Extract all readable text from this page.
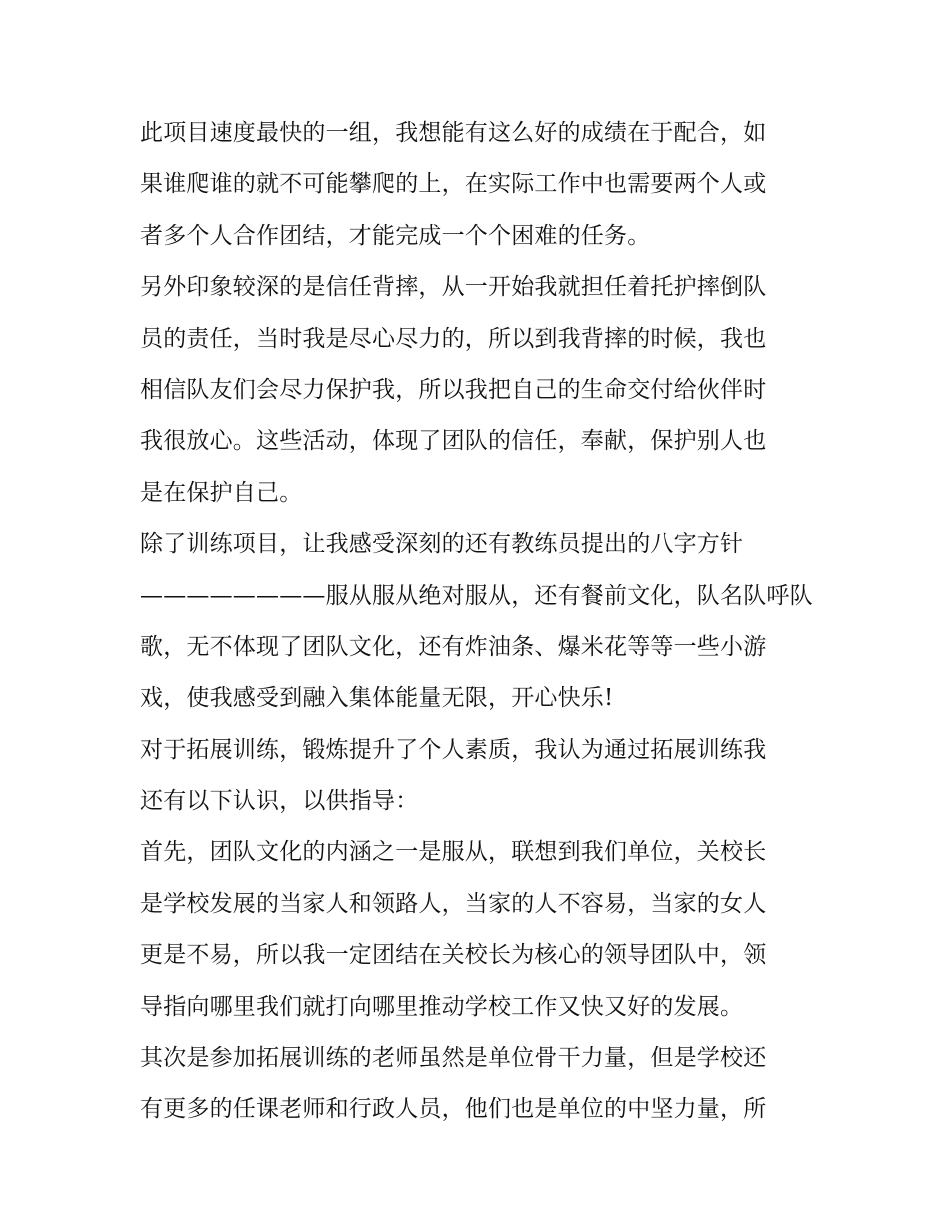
此项目速度最快的一组，我想能有这么好的成绩在于配合，如
果谁爬谁的就不可能攀爬的上，在实际工作中也需要两个人或
者多个人合作团结，才能完成一个个困难的任务。
另外印象较深的是信任背摔，从一开始我就担任着托护摔倒队
员的责任，当时我是尽心尽力的，所以到我背摔的时候，我也
相信队友们会尽力保护我，所以我把自己的生命交付给伙伴时
我很放心。这些活动，体现了团队的信任，奉献，保护别人也
是在保护自己。
除了训练项目，让我感受深刻的还有教练员提出的八字方针
————————服从服从绝对服从，还有餐前文化，队名队呼队
歌，无不体现了团队文化，还有炸油条、爆米花等等一些小游
戏，使我感受到融入集体能量无限，开心快乐!
对于拓展训练，锻炼提升了个人素质，我认为通过拓展训练我
还有以下认识，以供指导：
首先，团队文化的内涵之一是服从，联想到我们单位，关校长
是学校发展的当家人和领路人，当家的人不容易，当家的女人
更是不易，所以我一定团结在关校长为核心的领导团队中，领
导指向哪里我们就打向哪里推动学校工作又快又好的发展。
其次是参加拓展训练的老师虽然是单位骨干力量，但是学校还
有更多的任课老师和行政人员，他们也是单位的中坚力量，所
